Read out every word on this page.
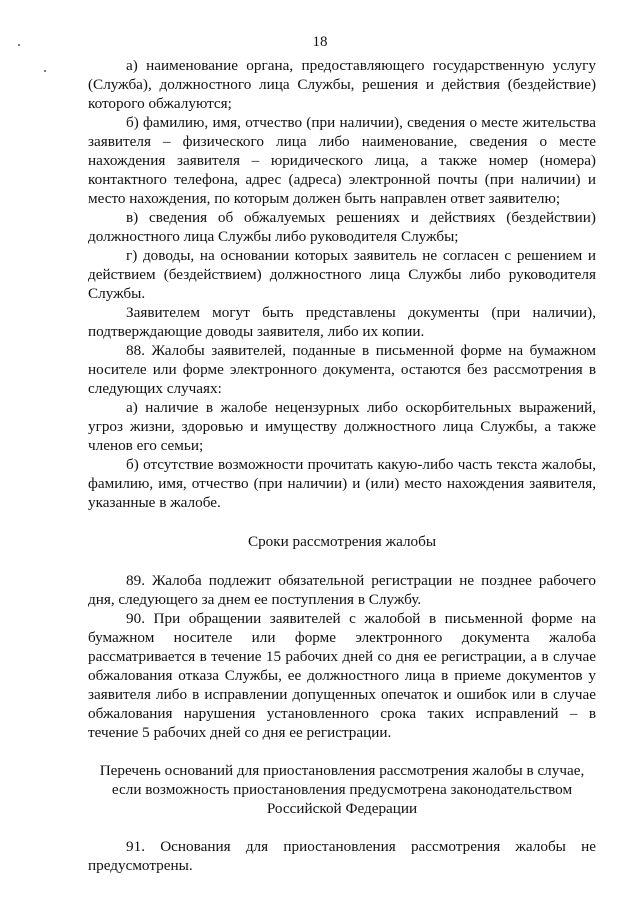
18

а) наименование органа, предоставляющего государственную услугу (Служба), должностного лица Службы, решения и действия (бездействие) которого обжалуются;

б) фамилию, имя, отчество (при наличии), сведения о месте жительства заявителя – физического лица либо наименование, сведения о месте нахождения заявителя – юридического лица, а также номер (номера) контактного телефона, адрес (адреса) электронной почты (при наличии) и место нахождения, по которым должен быть направлен ответ заявителю;

в) сведения об обжалуемых решениях и действиях (бездействии) должностного лица Службы либо руководителя Службы;

г) доводы, на основании которых заявитель не согласен с решением и действием (бездействием) должностного лица Службы либо руководителя Службы.

Заявителем могут быть представлены документы (при наличии), подтверждающие доводы заявителя, либо их копии.

88. Жалобы заявителей, поданные в письменной форме на бумажном носителе или форме электронного документа, остаются без рассмотрения в следующих случаях:

а) наличие в жалобе нецензурных либо оскорбительных выражений, угроз жизни, здоровью и имуществу должностного лица Службы, а также членов его семьи;

б) отсутствие возможности прочитать какую-либо часть текста жалобы, фамилию, имя, отчество (при наличии) и (или) место нахождения заявителя, указанные в жалобе.

Сроки рассмотрения жалобы

89. Жалоба подлежит обязательной регистрации не позднее рабочего дня, следующего за днем ее поступления в Службу.

90. При обращении заявителей с жалобой в письменной форме на бумажном носителе или форме электронного документа жалоба рассматривается в течение 15 рабочих дней со дня ее регистрации, а в случае обжалования отказа Службы, ее должностного лица в приеме документов у заявителя либо в исправлении допущенных опечаток и ошибок или в случае обжалования нарушения установленного срока таких исправлений – в течение 5 рабочих дней со дня ее регистрации.

Перечень оснований для приостановления рассмотрения жалобы в случае, если возможность приостановления предусмотрена законодательством Российской Федерации

91. Основания для приостановления рассмотрения жалобы не предусмотрены.
